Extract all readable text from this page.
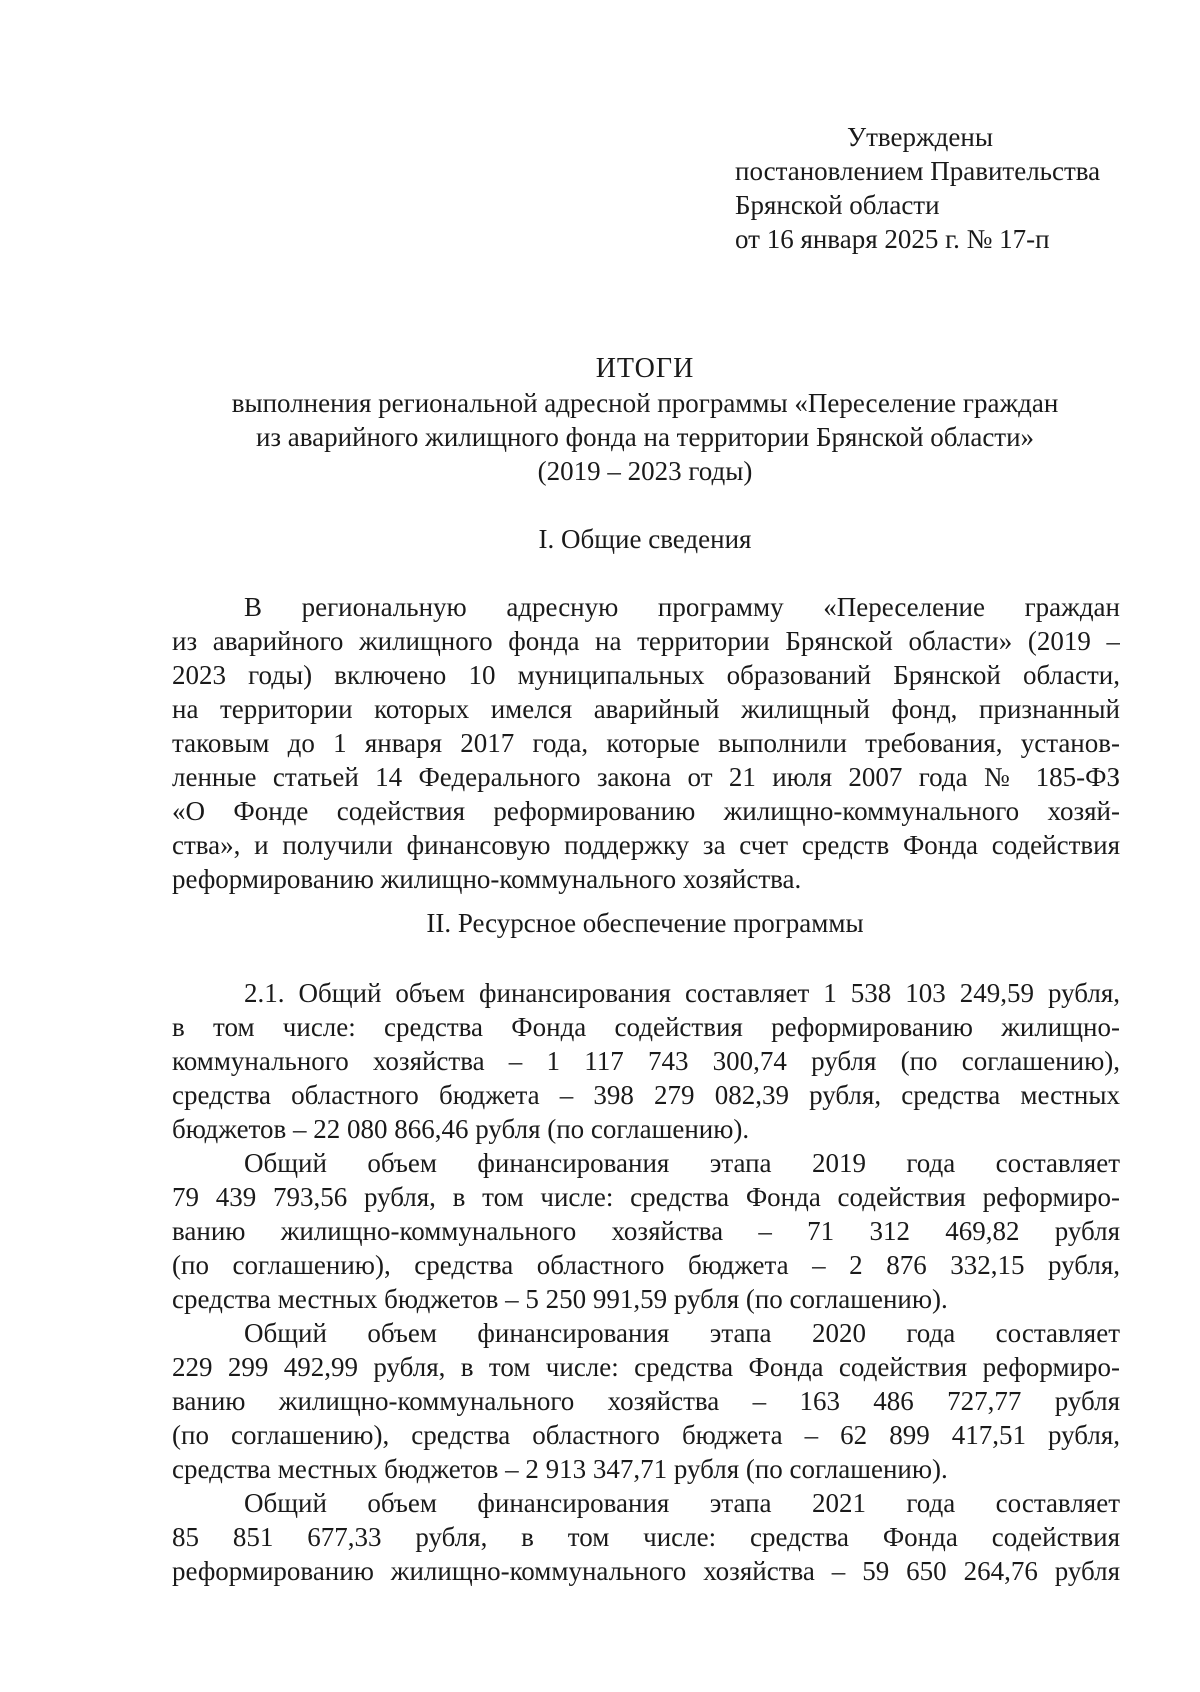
Утверждены
постановлением Правительства
Брянской области
от 16 января 2025 г. № 17-п
ИТОГИ
выполнения региональной адресной программы «Переселение граждан
из аварийного жилищного фонда на территории Брянской области»
(2019 – 2023 годы)
I. Общие сведения
В региональную адресную программу «Переселение граждан
из аварийного жилищного фонда на территории Брянской области» (2019 –
2023 годы) включено 10 муниципальных образований Брянской области,
на территории которых имелся аварийный жилищный фонд, признанный
таковым до 1 января 2017 года, которые выполнили требования, установ-
ленные статьей 14 Федерального закона от 21 июля 2007 года № 185-ФЗ
«О Фонде содействия реформированию жилищно-коммунального хозяй-
ства», и получили финансовую поддержку за счет средств Фонда содействия
реформированию жилищно-коммунального хозяйства.
II. Ресурсное обеспечение программы
2.1. Общий объем финансирования составляет 1 538 103 249,59 рубля,
в том числе: средства Фонда содействия реформированию жилищно-
коммунального хозяйства – 1 117 743 300,74 рубля (по соглашению),
средства областного бюджета – 398 279 082,39 рубля, средства местных
бюджетов – 22 080 866,46 рубля (по соглашению).
Общий объем финансирования этапа 2019 года составляет
79 439 793,56 рубля, в том числе: средства Фонда содействия реформиро-
ванию жилищно-коммунального хозяйства – 71 312 469,82 рубля
(по соглашению), средства областного бюджета – 2 876 332,15 рубля,
средства местных бюджетов – 5 250 991,59 рубля (по соглашению).
Общий объем финансирования этапа 2020 года составляет
229 299 492,99 рубля, в том числе: средства Фонда содействия реформиро-
ванию жилищно-коммунального хозяйства – 163 486 727,77 рубля
(по соглашению), средства областного бюджета – 62 899 417,51 рубля,
средства местных бюджетов – 2 913 347,71 рубля (по соглашению).
Общий объем финансирования этапа 2021 года составляет
85 851 677,33 рубля, в том числе: средства Фонда содействия
реформированию жилищно-коммунального хозяйства – 59 650 264,76 рубля
